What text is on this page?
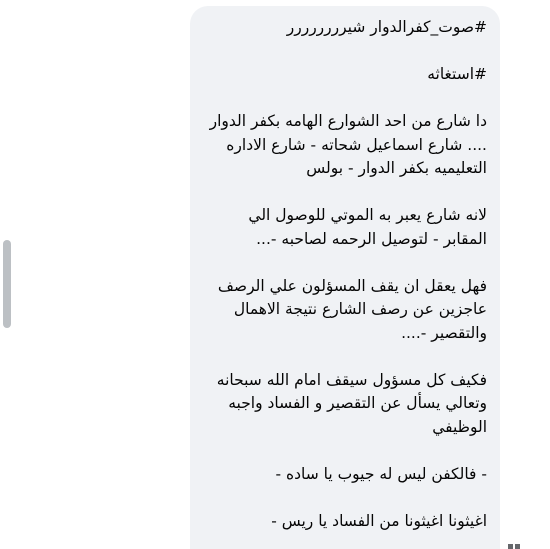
#صوت_كفرالدوار شيرررررررر

#استغاثه

دا شارع من احد الشوارع الهامه بكفر الدوار .... شارع اسماعيل شحاته - شارع الاداره التعليميه بكفر الدوار - بولس

لانه شارع يعبر به الموتي للوصول الي المقابر - لتوصيل الرحمه لصاحبه -...

فهل يعقل ان يقف المسؤلون علي الرصف عاجزين عن رصف الشارع نتيجة الاهمال والتقصير -....

فكيف كل مسؤول سيقف امام الله سبحانه وتعالي يسأل عن التقصير و الفساد واجبه الوظيفي

- فالكفن ليس له جيوب يا ساده -

اغيثونا اغيثونا من الفساد يا ريس -
